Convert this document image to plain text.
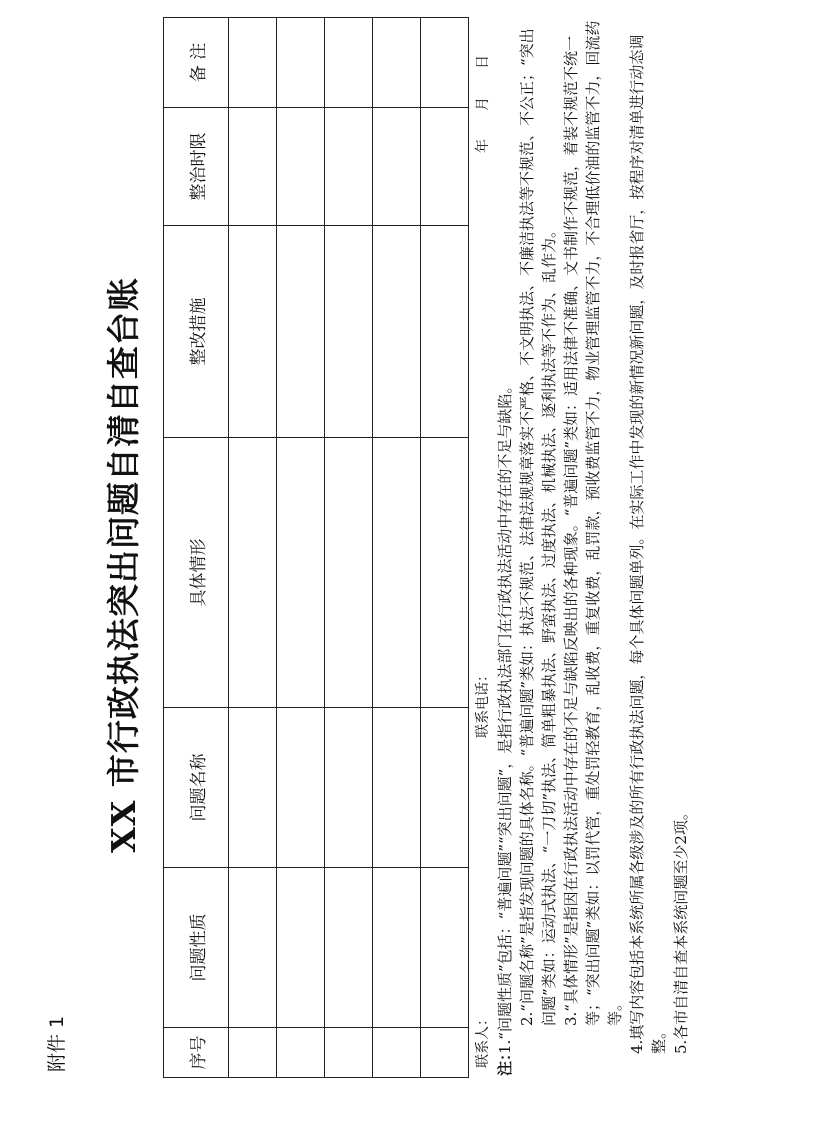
附件 1
XX 市行政执法突出问题自清自查台账
序号	问题性质	问题名称	具体情形	整改措施	整治时限	备 注

联系人：
联系电话：
年　　月　　日
注：

1.“问题性质”包括：“普遍问题”“突出问题”，是指行政执法部门在行政执法活动中存在的不足与缺陷。 2.“问题名称”是指发现问题的具体名称。“普遍问题”类如：执法不规范、法律法规规章落实不严格、不文明执法、不廉洁执法等不规范、不公正；“突出问题”类如：运动式执法、“一刀切”执法、简单粗暴执法、野蛮执法、过度执法、机械执法、逐利执法等不作为、乱作为。 3.“具体情形”是指因在行政执法活动中存在的不足与缺陷反映出的各种现象。“普遍问题”类如：适用法律不准确、文书制作不规范，着装不规范不统一等；“突出问题”类如：以罚代管，重处罚轻教育，乱收费，重复收费，乱罚款，预收费监管不力，物业管理监管不力，不合理低价油的监管不力，回流药等。 4.填写内容包括本系统所属各级涉及的所有行政执法问题，每个具体问题单列。在实际工作中发现的新情况新问题，及时报省厅，按程序对清单进行动态调整。 5.各市自清自查本系统问题至少2项。
